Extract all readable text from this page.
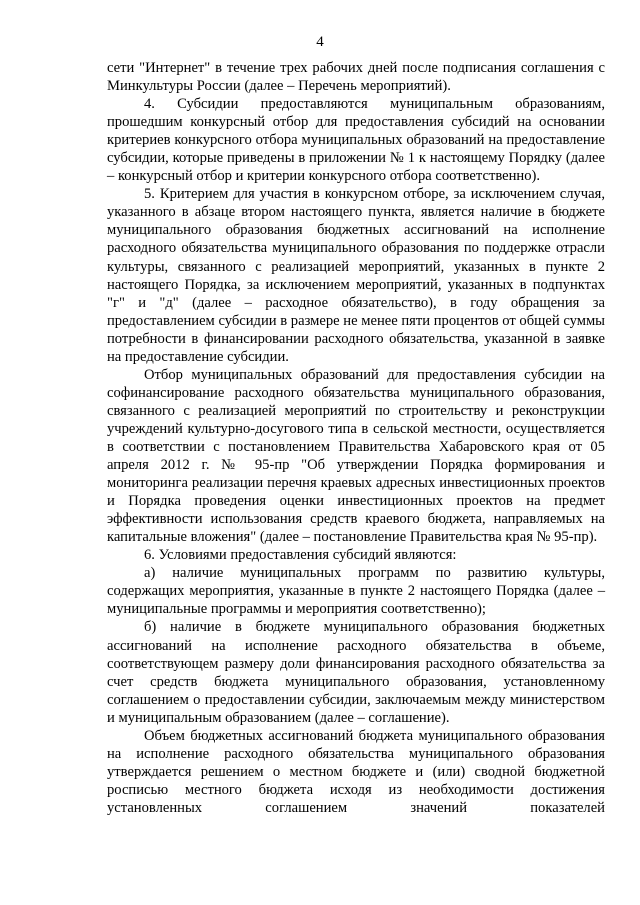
4

сети "Интернет" в течение трех рабочих дней после подписания соглашения с Минкультуры России (далее – Перечень мероприятий).

4. Субсидии предоставляются муниципальным образованиям, прошедшим конкурсный отбор для предоставления субсидий на основании критериев конкурсного отбора муниципальных образований на предоставление субсидии, которые приведены в приложении № 1 к настоящему Порядку (далее – конкурсный отбор и критерии конкурсного отбора соответственно).

5. Критерием для участия в конкурсном отборе, за исключением случая, указанного в абзаце втором настоящего пункта, является наличие в бюджете муниципального образования бюджетных ассигнований на исполнение расходного обязательства муниципального образования по поддержке отрасли культуры, связанного с реализацией мероприятий, указанных в пункте 2 настоящего Порядка, за исключением мероприятий, указанных в подпунктах "г" и "д" (далее – расходное обязательство), в году обращения за предоставлением субсидии в размере не менее пяти процентов от общей суммы потребности в финансировании расходного обязательства, указанной в заявке на предоставление субсидии.

Отбор муниципальных образований для предоставления субсидии на софинансирование расходного обязательства муниципального образования, связанного с реализацией мероприятий по строительству и реконструкции учреждений культурно-досугового типа в сельской местности, осуществляется в соответствии с постановлением Правительства Хабаровского края от 05 апреля 2012 г. № 95-пр "Об утверждении Порядка формирования и мониторинга реализации перечня краевых адресных инвестиционных проектов и Порядка проведения оценки инвестиционных проектов на предмет эффективности использования средств краевого бюджета, направляемых на капитальные вложения" (далее – постановление Правительства края № 95-пр).

6. Условиями предоставления субсидий являются:

а) наличие муниципальных программ по развитию культуры, содержащих мероприятия, указанные в пункте 2 настоящего Порядка (далее – муниципальные программы и мероприятия соответственно);

б) наличие в бюджете муниципального образования бюджетных ассигнований на исполнение расходного обязательства в объеме, соответствующем размеру доли финансирования расходного обязательства за счет средств бюджета муниципального образования, установленному соглашением о предоставлении субсидии, заключаемым между министерством и муниципальным образованием (далее – соглашение).

Объем бюджетных ассигнований бюджета муниципального образования на исполнение расходного обязательства муниципального образования утверждается решением о местном бюджете и (или) сводной бюджетной росписью местного бюджета исходя из необходимости достижения установленных соглашением значений показателей
